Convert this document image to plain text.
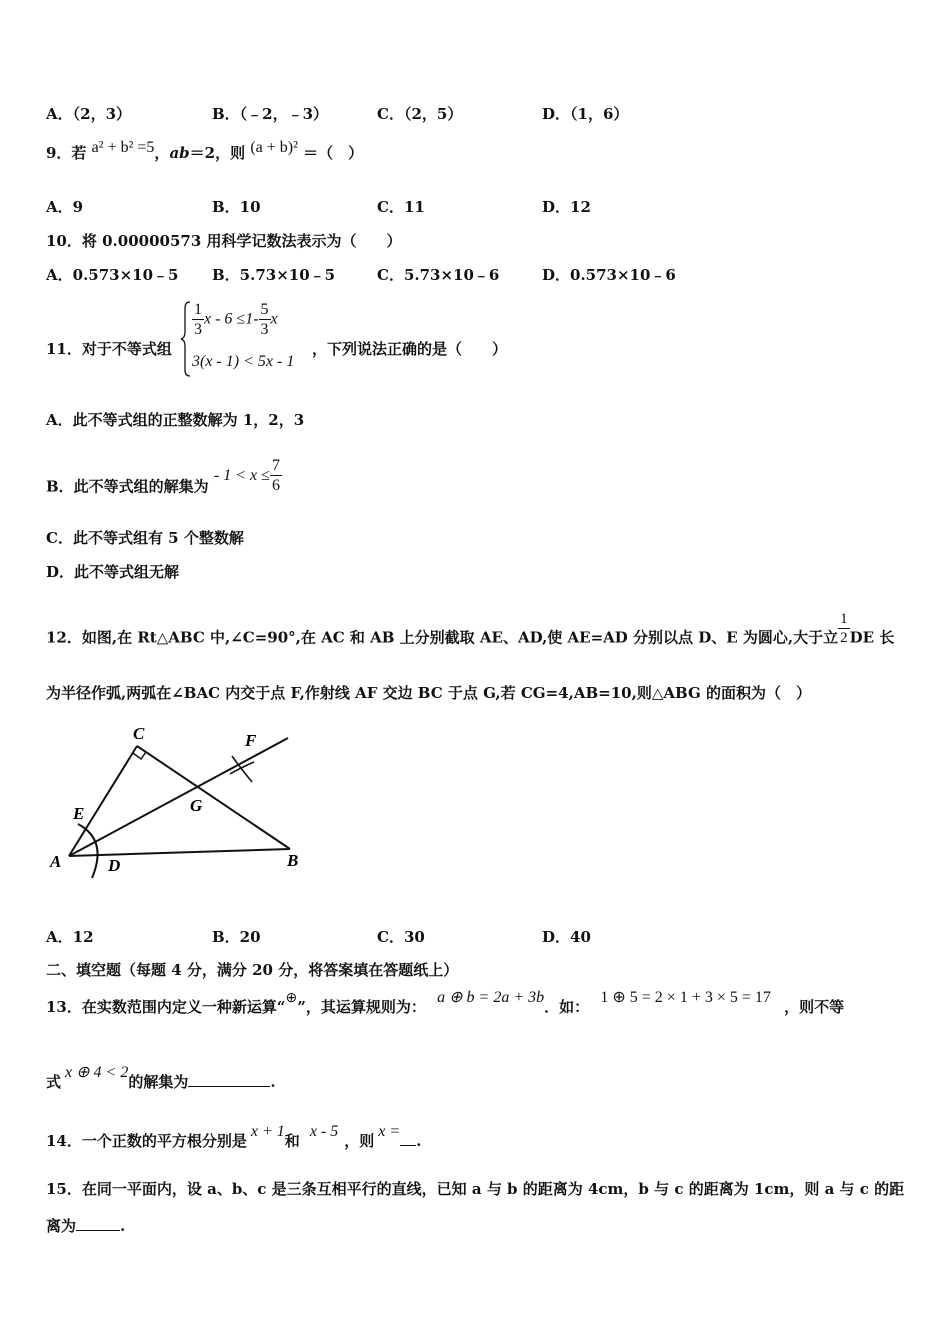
A．（2，3）	B．（﹣2，﹣3）	C．（2，5）	D．（1，6）
9．若 a² + b² =5，ab＝2，则 (a + b)² ＝（　）
A．9	B．10	C．11	D．12
10．将 0.00000573 用科学记数法表示为（　　）
A．0.573×10﹣5 B．5.73×10﹣5	C．5.73×10﹣6	D．0.573×10﹣6
11．对于不等式组
$\frac{1}{3}$ $x - 6 \le 1- \frac{5}{3}$ x
3(x - 1) < 5x - 1
，下列说法正确的是（　　）
A．此不等式组的正整数解为 1，2，3
B．此不等式组的解集为 - $1 < x \le \frac{7}{6}$
C．此不等式组有 5 个整数解
D．此不等式组无解
12．如图,在 Rt△ABC 中,∠C=90°,在 AC 和 AB 上分别截取 AE、AD,使 AE=AD 分别以点 D、E 为圆心,大于立 $\frac{1}{2}$ DE 长
为半径作弧,两弧在∠BAC 内交于点 F,作射线 AF 交边 BC 于点 G,若 CG=4,AB=10,则△ABG 的面积为（　）
C	F
E	G
A	D	B
A．12	B．20	C．30	D．40
二、填空题（每题 4 分，满分 20 分，将答案填在答题纸上）
13．在实数范围内定义一种新运算“⊕”，其运算规则为： a ⊕ b = 2a + 3b．如： 1 ⊕ 5 = 2 × 1 + 3 × 5 = 17 ，则不等
式x ⊕ 4 < 2的解集为	.
14．一个正数的平方根分别是x + 1和x - 5，则x =.
15．在同一平面内，设 a、b、c 是三条互相平行的直线，已知 a 与 b 的距离为 4cm，b 与 c 的距离为 1cm，则 a 与 c 的距
离为	.
